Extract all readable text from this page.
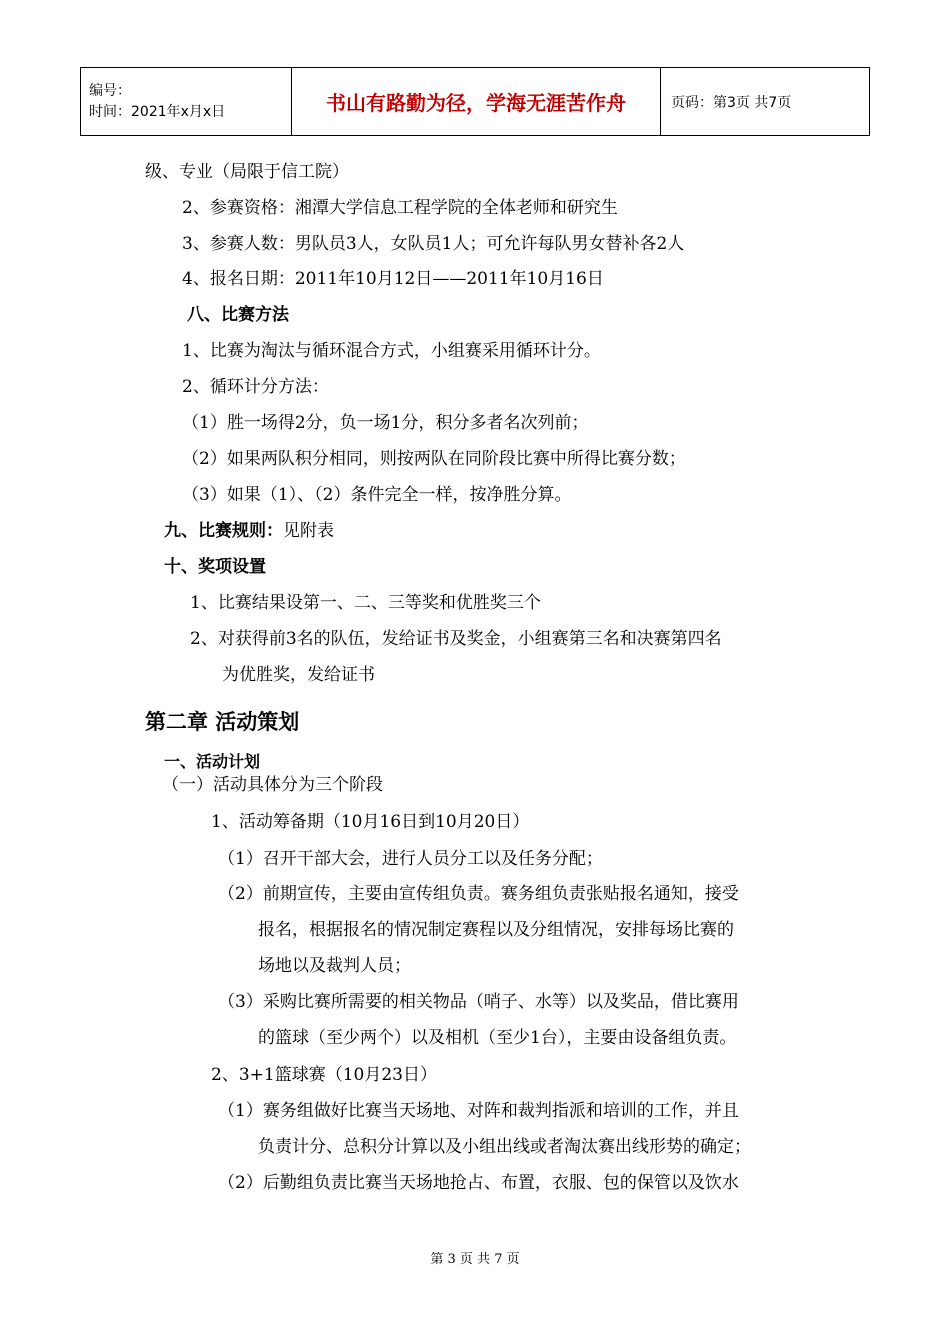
编号：
时间：2021年x月x日	书山有路勤为径，学海无涯苦作舟	页码：第3页 共7页
级、专业（局限于信工院）
2、参赛资格：湘潭大学信息工程学院的全体老师和研究生
3、参赛人数：男队员3人，女队员1人；可允许每队男女替补各2人
4、报名日期：2011年10月12日——2011年10月16日
八、比赛方法
1、比赛为淘汰与循环混合方式，小组赛采用循环计分。
2、循环计分方法：
（1）胜一场得2分，负一场1分，积分多者名次列前；
（2）如果两队积分相同，则按两队在同阶段比赛中所得比赛分数；
（3）如果（1）、（2）条件完全一样，按净胜分算。
九、比赛规则：见附表
十、奖项设置
1、比赛结果设第一、二、三等奖和优胜奖三个
2、对获得前3名的队伍，发给证书及奖金，小组赛第三名和决赛第四名
为优胜奖，发给证书
第二章 活动策划
一、活动计划
（一）活动具体分为三个阶段
1、活动筹备期（10月16日到10月20日）
（1）召开干部大会，进行人员分工以及任务分配；
（2）前期宣传，主要由宣传组负责。赛务组负责张贴报名通知，接受
报名，根据报名的情况制定赛程以及分组情况，安排每场比赛的
场地以及裁判人员；
（3）采购比赛所需要的相关物品（哨子、水等）以及奖品，借比赛用
的篮球（至少两个）以及相机（至少1台），主要由设备组负责。
2、3+1篮球赛（10月23日）
（1）赛务组做好比赛当天场地、对阵和裁判指派和培训的工作，并且
负责计分、总积分计算以及小组出线或者淘汰赛出线形势的确定；
（2）后勤组负责比赛当天场地抢占、布置，衣服、包的保管以及饮水
第 3 页 共 7 页
